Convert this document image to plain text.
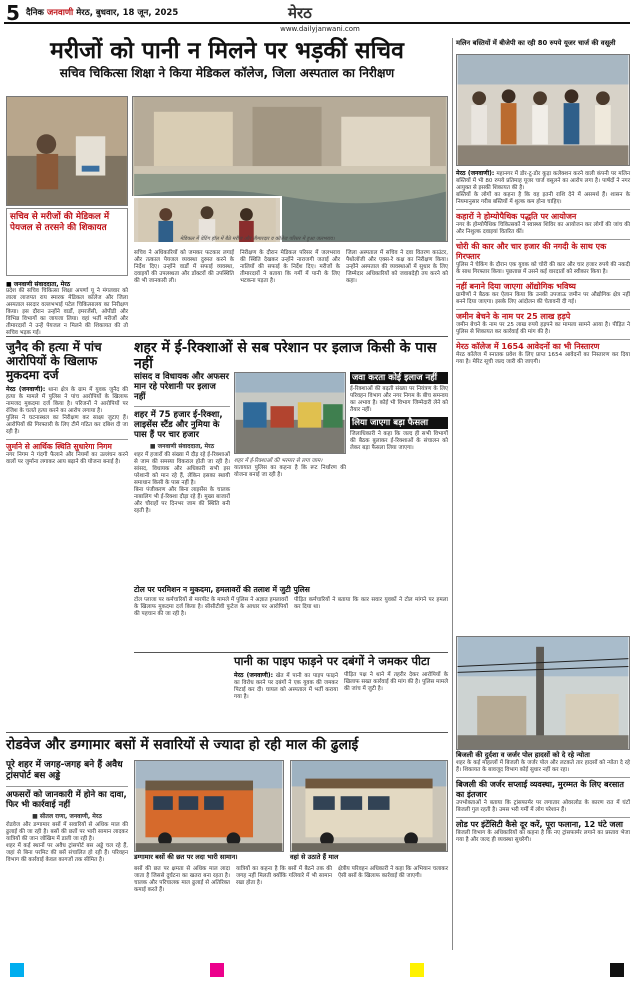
5 दैनिक जनवाणी मेरठ, बुधवार, 18 जून, 2025	मेरठ
www.dailyjanwani.com
मरीजों को पानी न मिलने पर भड़कीं सचिव
सचिव चिकित्सा शिक्षा ने किया मेडिकल कॉलेज, जिला अस्पताल का निरीक्षण
मेडिकल में वेटिंग हॉल में बैठे मरीज और तीमारदार व कॉलेज परिसर में हुआ जलभराव।
सचिव से मरीजों की मेडिकल में पेयजल से तरसने की शिकायत
■ जनवाणी संवाददाता, मेरठ

प्रदेश की सचिव चिकित्सा शिक्षा अपर्णा यू ने मंगलवार को लाला लाजपत राय स्मारक मेडिकल कॉलेज और जिला अस्पताल सरदार वल्लभभाई पटेल चिकित्सालय का निरीक्षण किया। इस दौरान उन्होंने वार्डों, इमरजेंसी, ओपीडी और विभिन्न विभागों का जायजा लिया। वहां भर्ती मरीजों और तीमारदारों ने उन्हें पेयजल न मिलने की शिकायत की तो सचिव भड़क गईं।

सचिव ने अधिकारियों को जमकर फटकार लगाई और तत्काल पेयजल व्यवस्था दुरुस्त करने के निर्देश दिए। उन्होंने वार्डों में सफाई व्यवस्था, दवाइयों की उपलब्धता और डॉक्टरों की उपस्थिति की भी जानकारी ली।

निरीक्षण के दौरान मेडिकल परिसर में जलभराव की स्थिति देखकर उन्होंने नाराजगी जताई और नालियों की सफाई के निर्देश दिए। मरीजों के तीमारदारों ने बताया कि गर्मी में पानी के लिए भटकना पड़ता है।

जिला अस्पताल में सचिव ने दवा वितरण काउंटर, पैथोलॉजी और एक्स-रे कक्ष का निरीक्षण किया। उन्होंने अस्पताल की व्यवस्थाओं में सुधार के लिए जिम्मेदार अधिकारियों को जवाबदेही तय करने को कहा।

मलिन बस्तियों में बीजेपी का रही 80 रुपये यूजर चार्ज की वसूली

मेरठ (जनवाणी): महानगर में डोर-टू-डोर कूड़ा कलेक्शन करने वाली कंपनी पर मलिन बस्तियों में भी 80 रुपये प्रतिमाह यूजर चार्ज वसूलने का आरोप लगा है। पार्षदों ने नगर आयुक्त से इसकी शिकायत की है।

बस्तियों के लोगों का कहना है कि वह इतनी राशि देने में असमर्थ हैं। शासन के नियमानुसार गरीब बस्तियों में शुल्क कम होना चाहिए।

कहारों ने होम्योपैथिक पद्धति पर आयोजन

नगर के होम्योपैथिक चिकित्सकों ने स्वास्थ्य शिविर का आयोजन कर लोगों की जांच की और निशुल्क दवाइयां वितरित कीं।

चोरी की कार और चार हजार की नगदी के साथ एक गिरफ्तार

पुलिस ने चेकिंग के दौरान एक युवक को चोरी की कार और चार हजार रुपये की नकदी के साथ गिरफ्तार किया। पूछताछ में उसने कई वारदातों को स्वीकार किया है।

नहीं बनाने दिया जाएगा ऑद्योगिक भविष्य

ग्रामीणों ने बैठक कर ऐलान किया कि उनकी उपजाऊ जमीन पर औद्योगिक क्षेत्र नहीं बनने दिया जाएगा। इसके लिए आंदोलन की चेतावनी दी गई।

जमीन बेचने के नाम पर 25 लाख हड़पे

जमीन बेचने के नाम पर 25 लाख रुपये हड़पने का मामला सामने आया है। पीड़ित ने पुलिस से शिकायत कर कार्रवाई की मांग की है।

मेरठ कॉलेज में 1654 आवेदनों का भी निस्तारण

मेरठ कॉलेज में स्नातक प्रवेश के लिए प्राप्त 1654 आवेदनों का निस्तारण कर दिया गया है। मेरिट सूची जल्द जारी की जाएगी।

जुनैद की हत्या में पांच आरोपियों के खिलाफ मुकदमा दर्ज

मेरठ (जनवाणी): थाना क्षेत्र के ग्राम में युवक जुनैद की हत्या के मामले में पुलिस ने पांच आरोपियों के खिलाफ नामजद मुकदमा दर्ज किया है। परिजनों ने आरोपियों पर रंजिश के चलते हत्या करने का आरोप लगाया है।

पुलिस ने घटनास्थल का निरीक्षण कर साक्ष्य जुटाए हैं। आरोपियों की गिरफ्तारी के लिए टीमें गठित कर दबिश दी जा रही है।

जुर्माने से आर्थिक स्थिति सुधारेगा निगम

नगर निगम ने गंदगी फैलाने और नियमों का उल्लंघन करने वालों पर जुर्माना लगाकर आय बढ़ाने की योजना बनाई है।

शहर में ई-रिक्शाओं से सब परेशान पर इलाज किसी के पास नहीं
सांसद व विधायक और अफसर मान रहे परेशानी पर इलाज नहीं
शहर में 75 हजार ई-रिक्शा, लाइसेंस स्टैंड और नुमिया के पास हैं पर चार हजार
■ जनवाणी संवाददाता, मेरठ

शहर में हजारों की संख्या में दौड़ रहे ई-रिक्शाओं से जाम की समस्या विकराल होती जा रही है। सांसद, विधायक और अधिकारी सभी इस परेशानी को मान रहे हैं, लेकिन इसका स्थायी समाधान किसी के पास नहीं है।

बिना पंजीकरण और बिना लाइसेंस के चालक नाबालिग भी ई-रिक्शा दौड़ा रहे हैं। मुख्य बाजारों और चौराहों पर दिनभर जाम की स्थिति बनी रहती है।

जवा करता कोई इलाज नहीं

ई-रिक्शाओं की बढ़ती संख्या पर नियंत्रण के लिए परिवहन विभाग और नगर निगम के बीच समन्वय का अभाव है। कोई भी विभाग जिम्मेदारी लेने को तैयार नहीं।

लिया जाएगा बड़ा फैसला

जिलाधिकारी ने कहा कि जल्द ही सभी विभागों की बैठक बुलाकर ई-रिक्शाओं के संचालन को लेकर बड़ा फैसला लिया जाएगा।

शहर में ई-रिक्शाओं की भरमार से लगा जाम।

यातायात पुलिस का कहना है कि रूट निर्धारण की योजना बनाई जा रही है।

टोल पर परमिशन न मुकदमा, हमलावरों की तलाश में जुटी पुलिस

टोल प्लाजा पर कर्मचारियों से मारपीट के मामले में पुलिस ने अज्ञात हमलावरों के खिलाफ मुकदमा दर्ज किया है। सीसीटीवी फुटेज के आधार पर आरोपियों की पहचान की जा रही है।

पीड़ित कर्मचारियों ने बताया कि कार सवार युवकों ने टोल मांगने पर हमला कर दिया था।

पानी का पाइप फाड़ने पर दबंगों ने जमकर पीटा

मेरठ (जनवाणी): खेत में पानी का पाइप फाड़ने का विरोध करने पर दबंगों ने एक युवक की जमकर पिटाई कर दी। घायल को अस्पताल में भर्ती कराया गया है।

पीड़ित पक्ष ने थाने में तहरीर देकर आरोपियों के खिलाफ सख्त कार्रवाई की मांग की है। पुलिस मामले की जांच में जुटी है।

रोडवेज और डग्गामार बसों में सवारियों से ज्यादा हो रही माल की ढुलाई
पूरे शहर में जगह-जगह बने हैं अवैध ट्रांसपोर्ट बस अड्डे
अफसरों को जानकारी में होने का दावा, फिर भी कार्रवाई नहीं
■ सीतल राणा, जनवाणी, मेरठ

रोडवेज और डग्गामार बसों में सवारियों से अधिक माल की ढुलाई की जा रही है। बसों की छतों पर भारी सामान लादकर यात्रियों की जान जोखिम में डाली जा रही है।

शहर में कई स्थानों पर अवैध ट्रांसपोर्ट बस अड्डे चल रहे हैं, जहां से बिना परमिट की बसें संचालित हो रही हैं। परिवहन विभाग की कार्रवाई केवल कागजों तक सीमित है।	डग्गामार बसों की छत पर लदा भारी सामान।	वहां से उठाते हैं माल

बसों की छत पर क्षमता से अधिक माल लादा जाता है जिससे दुर्घटना का खतरा बना रहता है। चालक और परिचालक माल ढुलाई से अतिरिक्त कमाई करते हैं।

यात्रियों का कहना है कि बसों में बैठने तक की जगह नहीं मिलती क्योंकि गलियारे में भी सामान रखा होता है।

क्षेत्रीय परिवहन अधिकारी ने कहा कि अभियान चलाकर ऐसी बसों के खिलाफ कार्रवाई की जाएगी।

बिजली की दुर्दशा व जर्जर पोल हादसों को दे रहे न्योता

शहर के कई मोहल्लों में बिजली के जर्जर पोल और लटकते तार हादसों को न्योता दे रहे हैं। शिकायत के बावजूद विभाग कोई सुधार नहीं कर रहा।

बिजली की जर्जर सप्लाई व्यवस्था, मुरम्मत के लिए बरसात का इंतजार

उपभोक्ताओं ने बताया कि ट्रांसफार्मर पर लगातार ओवरलोड के कारण रात में घंटों बिजली गुल रहती है। उमस भरी गर्मी में लोग परेशान हैं।

लोड पर इंटेंसिटी कैसे दूर करें, पूरा फलाना, 12 घंटे जला

बिजली विभाग के अधिकारियों का कहना है कि नए ट्रांसफार्मर लगाने का प्रस्ताव भेजा गया है और जल्द ही व्यवस्था सुधरेगी।
